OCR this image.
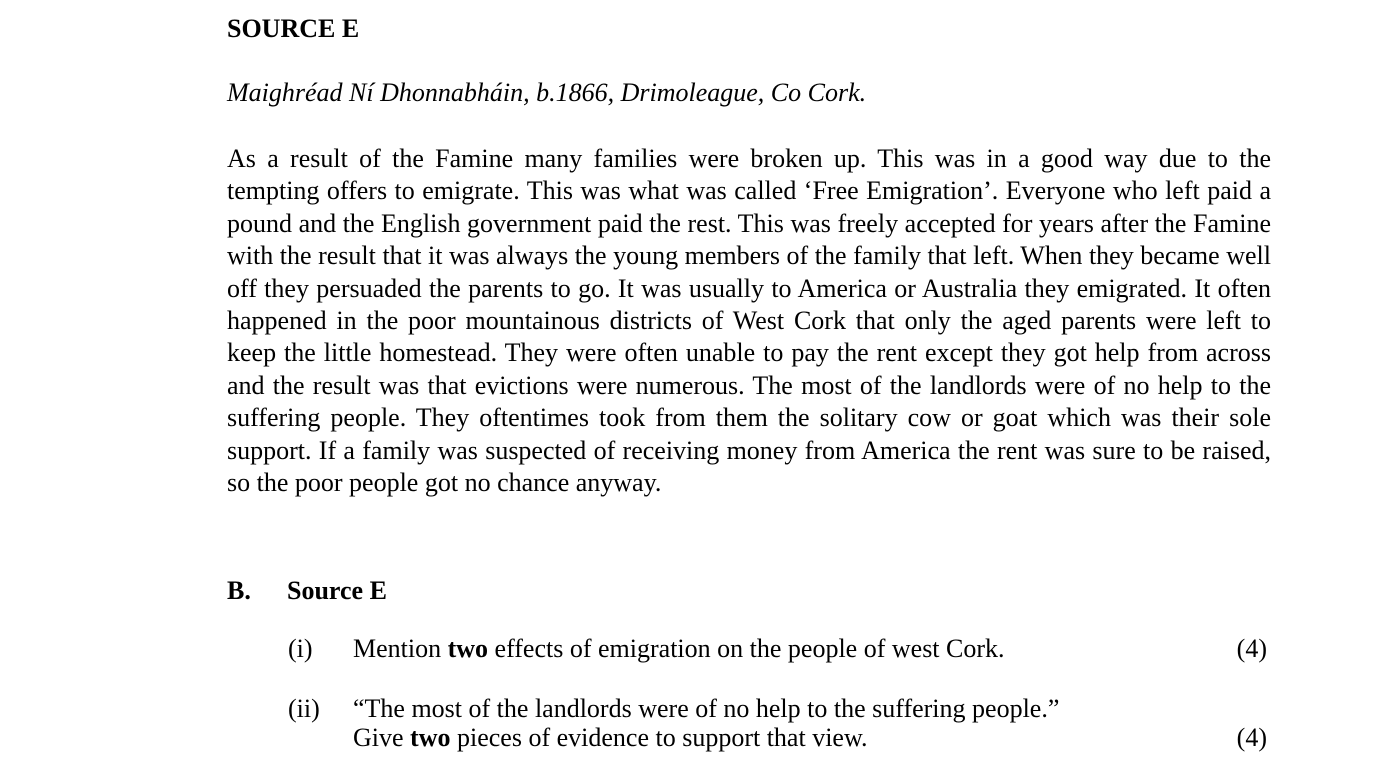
SOURCE E
Maighréad Ní Dhonnabháin, b.1866, Drimoleague, Co Cork.

As a result of the Famine many families were broken up. This was in a good way due to the tempting offers to emigrate. This was what was called ‘Free Emigration’. Everyone who left paid a pound and the English government paid the rest. This was freely accepted for years after the Famine with the result that it was always the young members of the family that left. When they became well off they persuaded the parents to go. It was usually to America or Australia they emigrated. It often happened in the poor mountainous districts of West Cork that only the aged parents were left to keep the little homestead. They were often unable to pay the rent except they got help from across and the result was that evictions were numerous. The most of the landlords were of no help to the suffering people. They oftentimes took from them the solitary cow or goat which was their sole support. If a family was suspected of receiving money from America the rent was sure to be raised, so the poor people got no chance anyway.

B. Source E
(i) Mention two effects of emigration on the people of west Cork.	(4)
(ii) “The most of the landlords were of no help to the suffering people.”
Give two pieces of evidence to support that view.	(4)
